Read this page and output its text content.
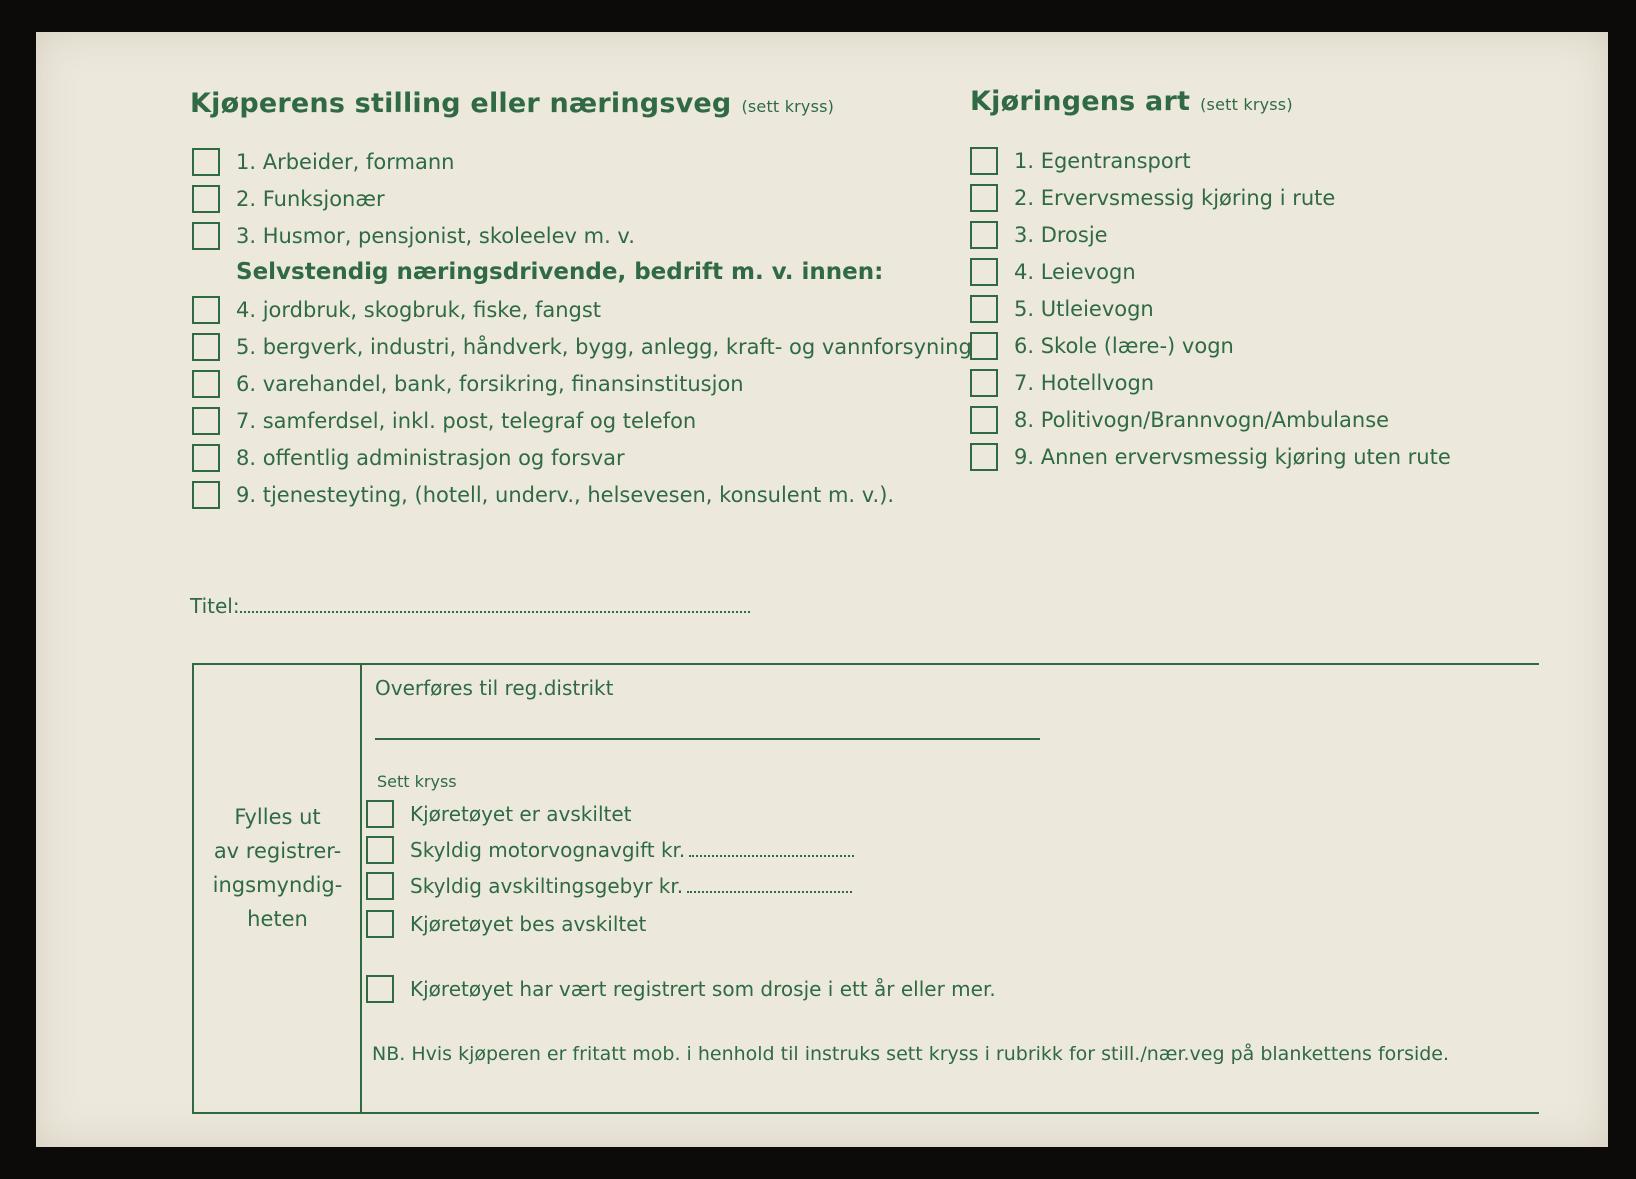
Kjøperens stilling eller næringsveg (sett kryss)	Kjøringens art (sett kryss)
1. Arbeider, formann
2. Funksjonær
3. Husmor, pensjonist, skoleelev m. v.
Selvstendig næringsdrivende, bedrift m. v. innen:
4. jordbruk, skogbruk, fiske, fangst
5. bergverk, industri, håndverk, bygg, anlegg, kraft- og vannforsyning
6. varehandel, bank, forsikring, finansinstitusjon
7. samferdsel, inkl. post, telegraf og telefon
8. offentlig administrasjon og forsvar
9. tjenesteyting, (hotell, underv., helsevesen, konsulent m. v.).
1. Egentransport
2. Ervervsmessig kjøring i rute
3. Drosje
4. Leievogn
5. Utleievogn
6. Skole (lære-) vogn
7. Hotellvogn
8. Politivogn/Brannvogn/Ambulanse
9. Annen ervervsmessig kjøring uten rute
Titel:
Fylles ut
av registrer-
ingsmyndig-
heten
Overføres til reg.distrikt
Sett kryss
Kjøretøyet er avskiltet
Skyldig motorvognavgift kr.
Skyldig avskiltingsgebyr kr.
Kjøretøyet bes avskiltet
Kjøretøyet har vært registrert som drosje i ett år eller mer.
NB. Hvis kjøperen er fritatt mob. i henhold til instruks sett kryss i rubrikk for still./nær.veg på blankettens forside.
